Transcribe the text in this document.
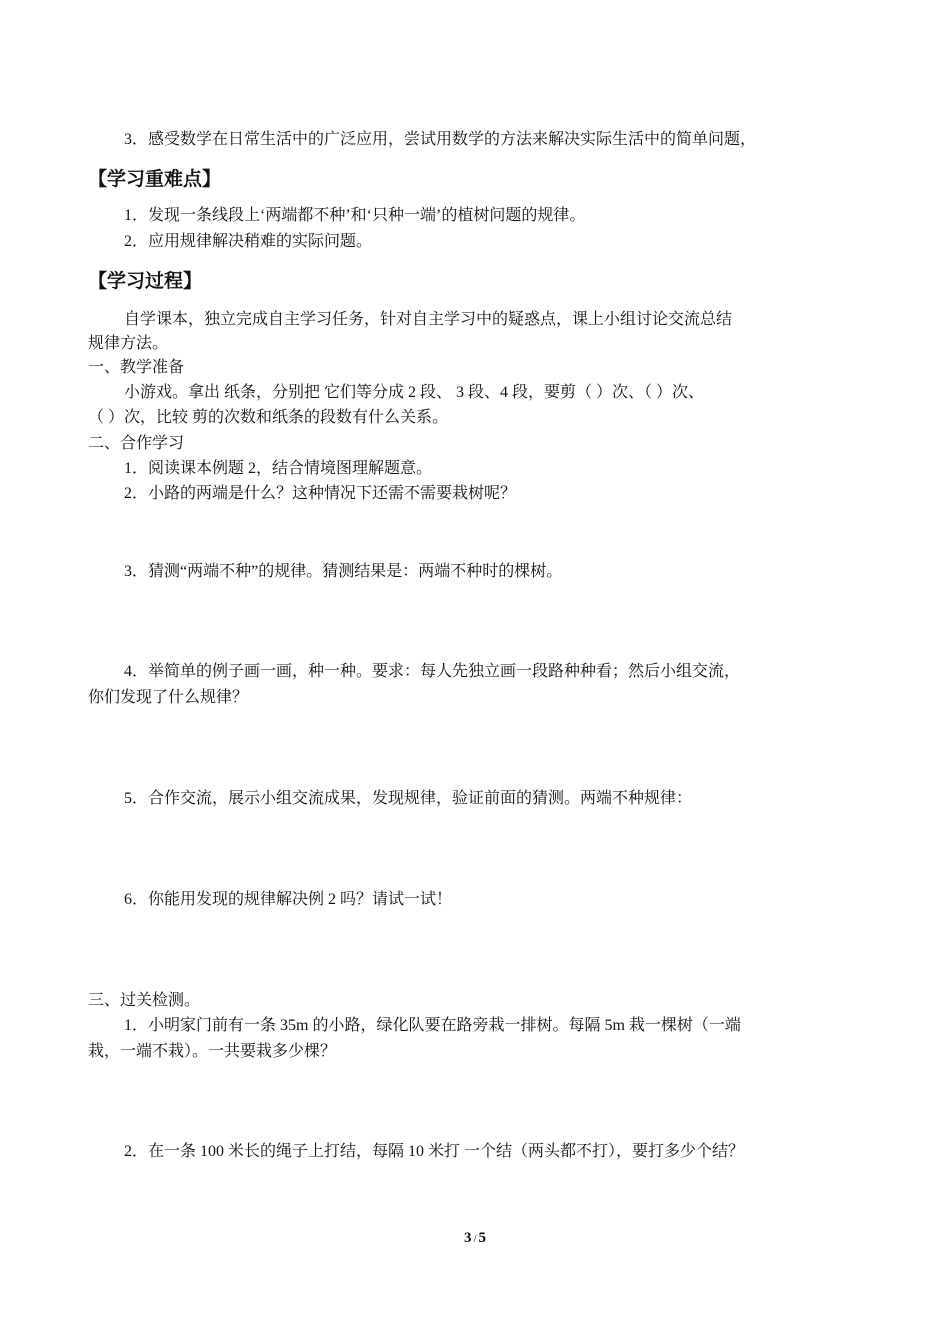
3．感受数学在日常生活中的广泛应用，尝试用数学的方法来解决实际生活中的简单问题，
【学习重难点】
1．发现一条线段上‘两端都不种’和‘只种一端’的植树问题的规律。
2．应用规律解决稍难的实际问题。
【学习过程】
自学课本，独立完成自主学习任务，针对自主学习中的疑惑点，课上小组讨论交流总结
规律方法。
一、教学准备
小游戏。拿出 纸条，分别把 它们等分成 2 段、 3 段、4 段，要剪（ ）次、（ ）次、
（ ）次，比较 剪的次数和纸条的段数有什么关系。
二、合作学习
1．阅读课本例题 2，结合情境图理解题意。
2．小路的两端是什么？这种情况下还需不需要栽树呢？
3．猜测“两端不种”的规律。猜测结果是：两端不种时的棵树。
4．举简单的例子画一画，种一种。要求：每人先独立画一段路种种看；然后小组交流，
你们发现了什么规律？
5．合作交流，展示小组交流成果，发现规律，验证前面的猜测。两端不种规律：
6．你能用发现的规律解决例 2 吗？请试一试！
三、过关检测。
1．小明家门前有一条 35m 的小路，绿化队要在路旁栽一排树。每隔 5m 栽一棵树（一端
栽，一端不栽）。一共要栽多少棵？
2．在一条 100 米长的绳子上打结，每隔 10 米打 一个结（两头都不打），要打多少个结？
3 / 5
